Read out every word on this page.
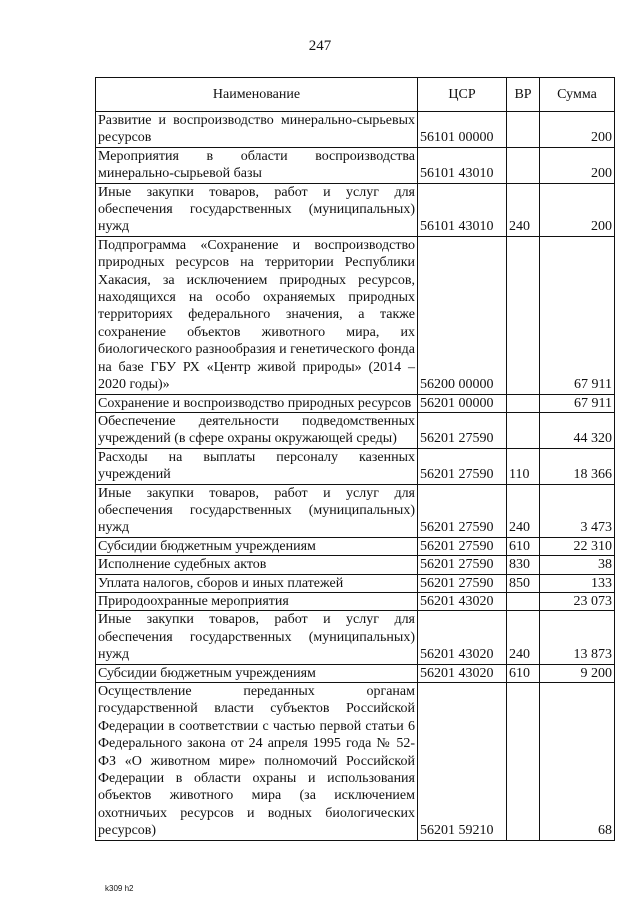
247
Наименование	ЦСР	ВР	Сумма
Развитие и воспроизводство минерально-сырьевых ресурсов	56101 00000		200
Мероприятия в области воспроизводства минерально-сырьевой базы	56101 43010		200
Иные закупки товаров, работ и услуг для обеспечения государственных (муниципальных) нужд	56101 43010	240	200
Подпрограмма «Сохранение и воспроизводство природных ресурсов на территории Республики Хакасия, за исключением природных ресурсов, находящихся на особо охраняемых природных территориях федерального значения, а также сохранение объектов животного мира, их биологического разнообразия и генетического фонда на базе ГБУ РХ «Центр живой природы» (2014 – 2020 годы)»	56200 00000		67 911
Сохранение и воспроизводство природных ресурсов	56201 00000		67 911
Обеспечение деятельности подведомственных учреждений (в сфере охраны окружающей среды)	56201 27590		44 320
Расходы на выплаты персоналу казенных учреждений	56201 27590	110	18 366
Иные закупки товаров, работ и услуг для обеспечения государственных (муниципальных) нужд	56201 27590	240	3 473
Субсидии бюджетным учреждениям	56201 27590	610	22 310
Исполнение судебных актов	56201 27590	830	38
Уплата налогов, сборов и иных платежей	56201 27590	850	133
Природоохранные мероприятия	56201 43020		23 073
Иные закупки товаров, работ и услуг для обеспечения государственных (муниципальных) нужд	56201 43020	240	13 873
Субсидии бюджетным учреждениям	56201 43020	610	9 200
Осуществление переданных органам государственной власти субъектов Российской Федерации в соответствии с частью первой статьи 6 Федерального закона от 24 апреля 1995 года № 52-ФЗ «О животном мире» полномочий Российской Федерации в области охраны и использования объектов животного мира (за исключением охотничьих ресурсов и водных биологических ресурсов)	56201 59210		68
k309 h2
